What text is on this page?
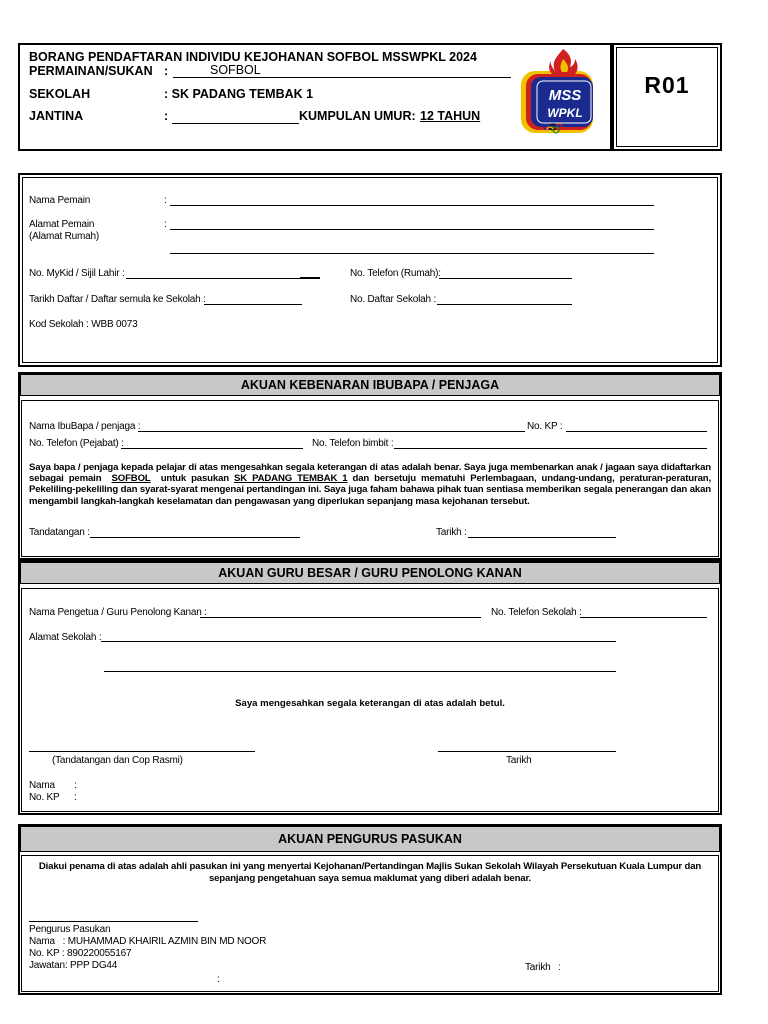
R01
BORANG PENDAFTARAN INDIVIDU KEJOHANAN SOFBOL MSSWPKL 2024
PERMAINAN/SUKAN :	SOFBOL
SEKOLAH	: SK PADANG TEMBAK 1
JANTINA	:	KUMPULAN UMUR: 12 TAHUN
MSS
WPKL
Nama Pemain	:
Alamat Pemain
(Alamat Rumah)
:
No. MyKid / Sijil Lahir :	No. Telefon (Rumah):
Tarikh Daftar / Daftar semula ke Sekolah :	No. Daftar Sekolah :
Kod Sekolah : WBB 0073
AKUAN KEBENARAN IBUBAPA / PENJAGA
Nama IbuBapa / penjaga :	No. KP :
No. Telefon (Pejabat) :	No. Telefon bimbit :
Saya bapa / penjaga kepada pelajar di atas mengesahkan segala keterangan di atas adalah benar. Saya juga membenarkan anak / jagaan saya didaftarkan sebagai pemain SOFBOL untuk pasukan SK PADANG TEMBAK 1 dan bersetuju mematuhi Perlembagaan, undang-undang, peraturan-peraturan, Pekeliling-pekeliling dan syarat-syarat mengenai pertandingan ini. Saya juga faham bahawa pihak tuan sentiasa memberikan segala penerangan dan akan mengambil langkah-langkah keselamatan dan pengawasan yang diperlukan sepanjang masa kejohanan tersebut.
Tandatangan :	Tarikh :
AKUAN GURU BESAR / GURU PENOLONG KANAN
Nama Pengetua / Guru Penolong Kanan :	No. Telefon Sekolah :
Alamat Sekolah :
Saya mengesahkan segala keterangan di atas adalah betul.
(Tandatangan dan Cop Rasmi)	Tarikh
Nama :
No. KP :
AKUAN PENGURUS PASUKAN
Diakui penama di atas adalah ahli pasukan ini yang menyertai Kejohanan/Pertandingan Majlis Sukan Sekolah Wilayah Persekutuan Kuala Lumpur dan sepanjang pengetahuan saya semua maklumat yang diberi adalah benar.
Pengurus Pasukan
Nama   : MUHAMMAD KHAIRIL AZMIN BIN MD NOOR
No. KP : 890220055167
Jawatan: PPP DG44	Tarikh   :
:
